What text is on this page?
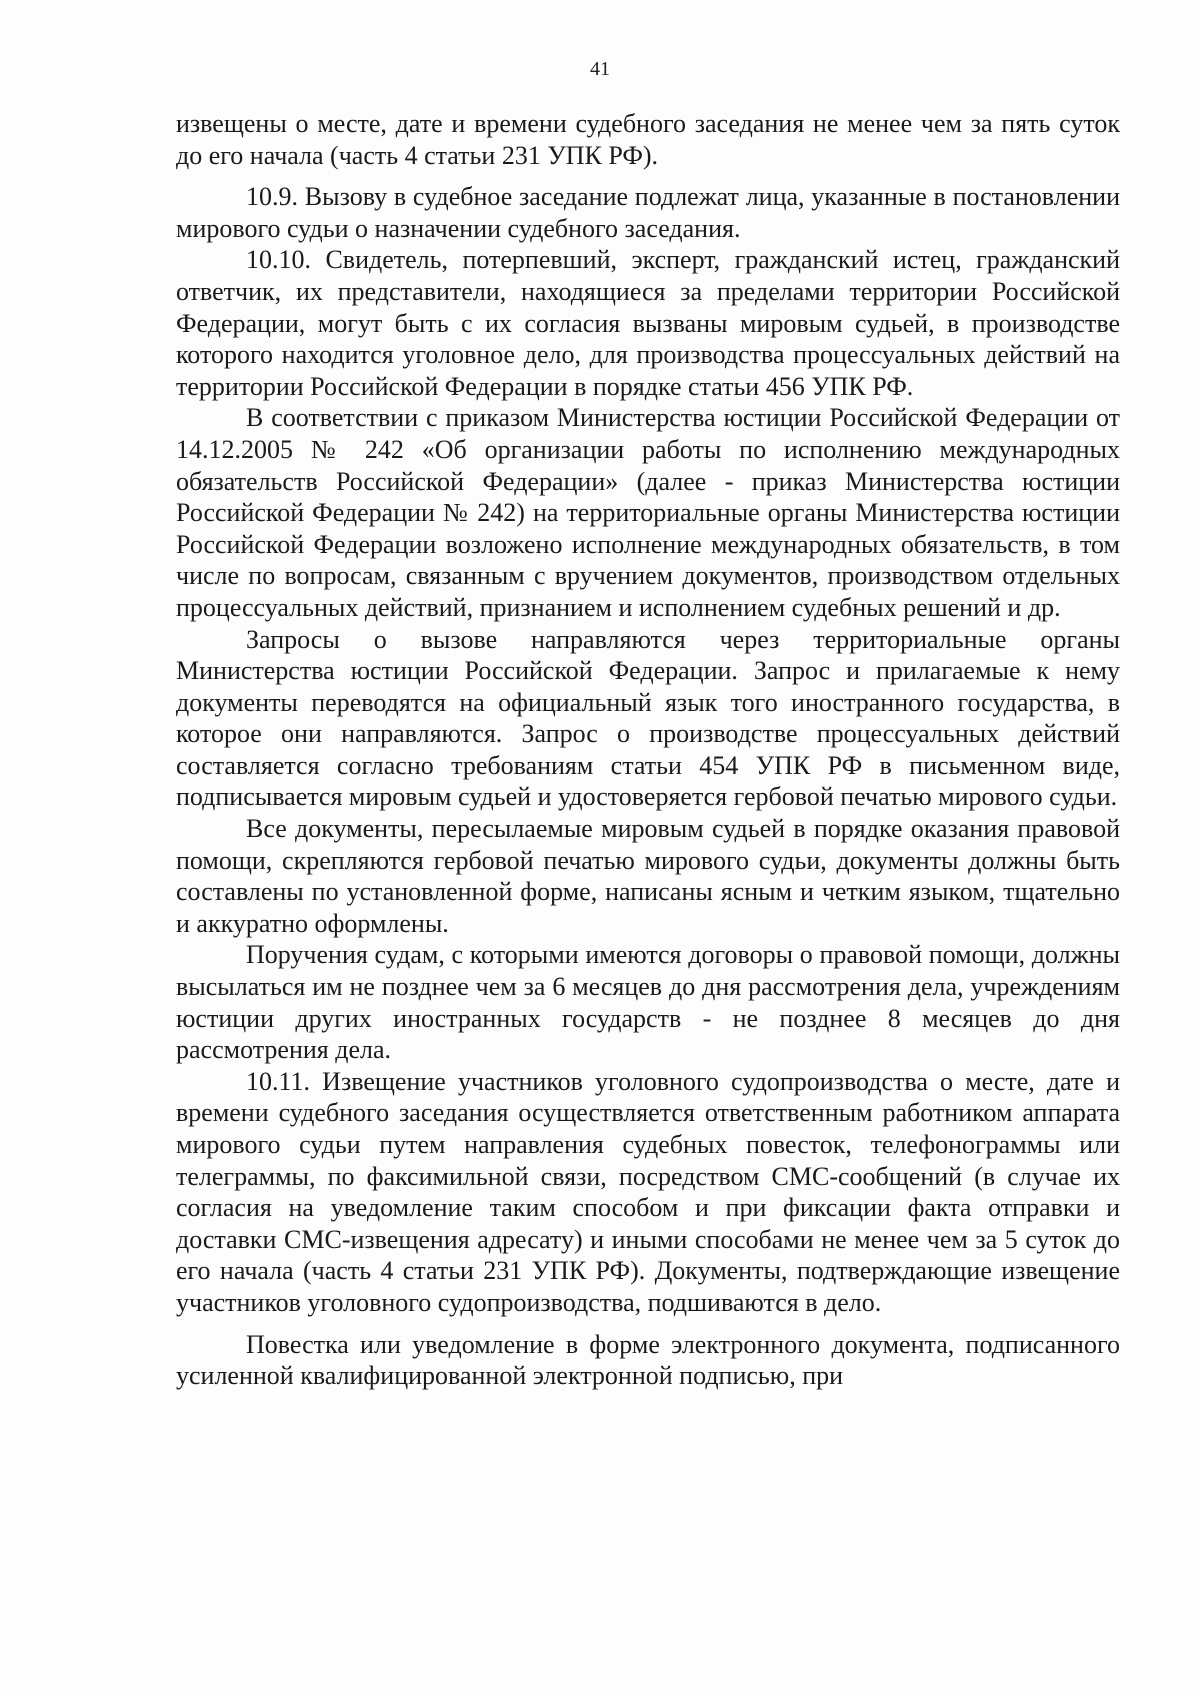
41

извещены о месте, дате и времени судебного заседания не менее чем за пять суток до его начала (часть 4 статьи 231 УПК РФ).

10.9. Вызову в судебное заседание подлежат лица, указанные в постановлении мирового судьи о назначении судебного заседания.

10.10. Свидетель, потерпевший, эксперт, гражданский истец, гражданский ответчик, их представители, находящиеся за пределами территории Российской Федерации, могут быть с их согласия вызваны мировым судьей, в производстве которого находится уголовное дело, для производства процессуальных действий на территории Российской Федерации в порядке статьи 456 УПК РФ.

В соответствии с приказом Министерства юстиции Российской Федерации от 14.12.2005 № 242 «Об организации работы по исполнению международных обязательств Российской Федерации» (далее - приказ Министерства юстиции Российской Федерации № 242) на территориальные органы Министерства юстиции Российской Федерации возложено исполнение международных обязательств, в том числе по вопросам, связанным с вручением документов, производством отдельных процессуальных действий, признанием и исполнением судебных решений и др.

Запросы о вызове направляются через территориальные органы Министерства юстиции Российской Федерации. Запрос и прилагаемые к нему документы переводятся на официальный язык того иностранного государства, в которое они направляются. Запрос о производстве процессуальных действий составляется согласно требованиям статьи 454 УПК РФ в письменном виде, подписывается мировым судьей и удостоверяется гербовой печатью мирового судьи.

Все документы, пересылаемые мировым судьей в порядке оказания правовой помощи, скрепляются гербовой печатью мирового судьи, документы должны быть составлены по установленной форме, написаны ясным и четким языком, тщательно и аккуратно оформлены.

Поручения судам, с которыми имеются договоры о правовой помощи, должны высылаться им не позднее чем за 6 месяцев до дня рассмотрения дела, учреждениям юстиции других иностранных государств - не позднее 8 месяцев до дня рассмотрения дела.

10.11. Извещение участников уголовного судопроизводства о месте, дате и времени судебного заседания осуществляется ответственным работником аппарата мирового судьи путем направления судебных повесток, телефонограммы или телеграммы, по факсимильной связи, посредством СМС-сообщений (в случае их согласия на уведомление таким способом и при фиксации факта отправки и доставки СМС-извещения адресату) и иными способами не менее чем за 5 суток до его начала (часть 4 статьи 231 УПК РФ). Документы, подтверждающие извещение участников уголовного судопроизводства, подшиваются в дело.

Повестка или уведомление в форме электронного документа, подписанного усиленной квалифицированной электронной подписью, при
